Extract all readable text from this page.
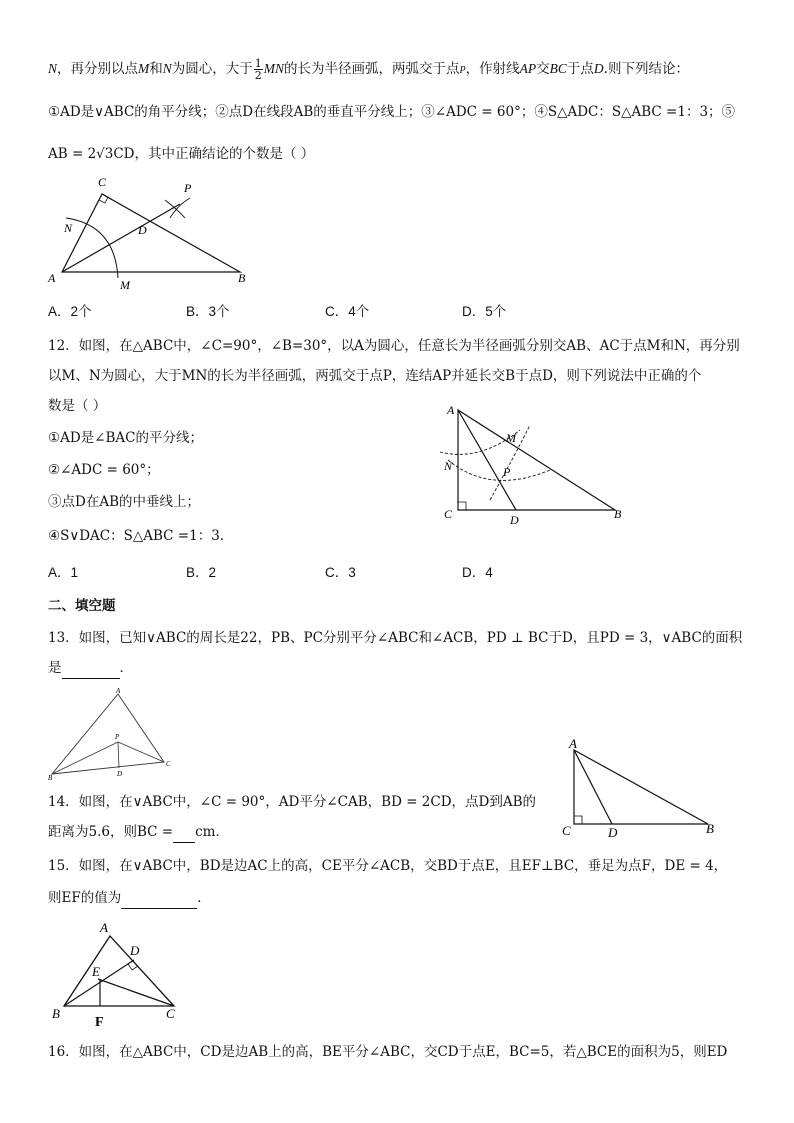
N，再分别以点M和N为圆心，大于 $\frac{1}{2}$ MN的长为半径画弧，两弧交于点P，作射线AP交BC于点D.则下列结论：
①AD是∨ABC的角平分线；②点D在线段AB的垂直平分线上；③∠ADC = 60°；④S△ADC：S△ABC =1：3；⑤
AB = 2√3CD，其中正确结论的个数是（ ）
C	P
N	D
A	B
M
A．2个	B．3个	C．4个	D．5个
12．如图，在△ABC中，∠C=90°，∠B=30°，以A为圆心，任意长为半径画弧分别交AB、AC于点M和N，再分别
以M、N为圆心，大于MN的长为半径画弧，两弧交于点P，连结AP并延长交B于点D，则下列说法中正确的个
数是（ ）
①AD是∠BAC的平分线；
②∠ADC = 60°；
③点D在AB的中垂线上；
④S∨DAC：S△ABC =1：3．
A
M
N	P
C	D	B
A．1	B．2	C．3	D．4
二、填空题
13．如图，已知∨ABC的周长是22，PB、PC分别平分∠ABC和∠ACB，PD ⊥ BC于D，且PD = 3，∨ABC的面积
是	．
A
P
B	D
C
14．如图，在∨ABC中，∠C = 90°，AD平分∠CAB，BD = 2CD，点D到AB的
距离为5.6，则BC = cm．
A
C	D	B
15．如图，在∨ABC中，BD是边AC上的高，CE平分∠ACB，交BD于点E，且EF⊥BC，垂足为点F，DE = 4，
则EF的值为	．
A
D
E
B
F
C
16．如图，在△ABC中，CD是边AB上的高，BE平分∠ABC，交CD于点E，BC=5，若△BCE的面积为5，则ED
